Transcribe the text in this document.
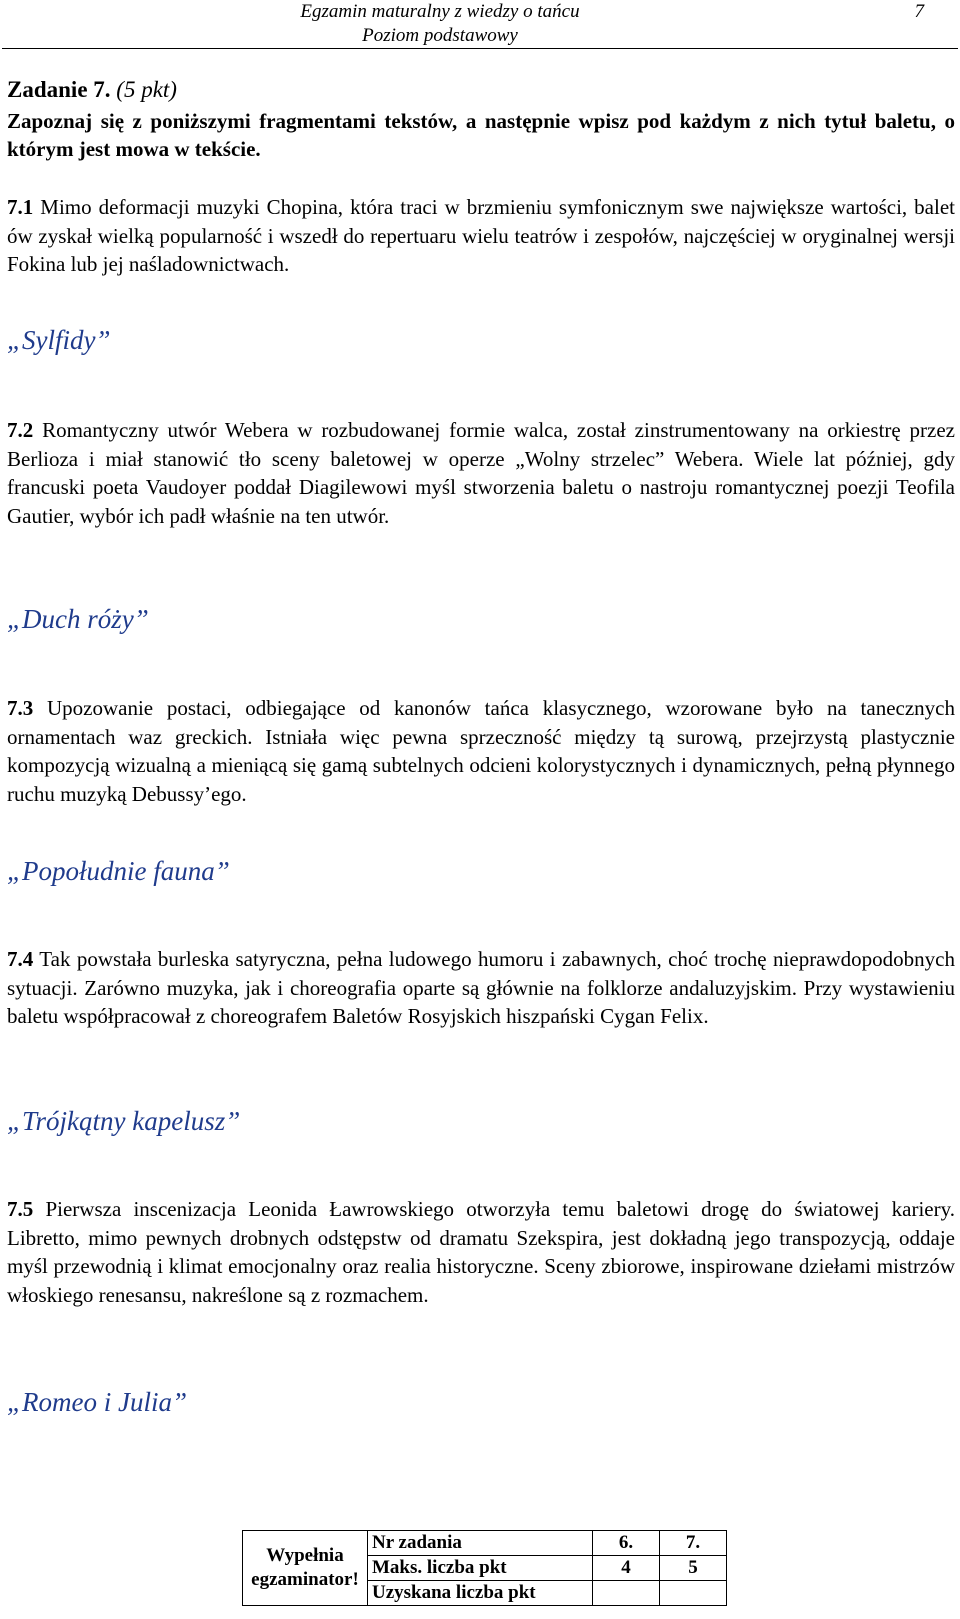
Egzamin maturalny z wiedzy o tańcu
Poziom podstawowy
7
Zadanie 7. (5 pkt)
Zapoznaj się z poniższymi fragmentami tekstów, a następnie wpisz pod każdym z nich tytuł baletu, o którym jest mowa w tekście.
7.1 Mimo deformacji muzyki Chopina, która traci w brzmieniu symfonicznym swe największe wartości, balet ów zyskał wielką popularność i wszedł do repertuaru wielu teatrów i zespołów, najczęściej w oryginalnej wersji Fokina lub jej naśladownictwach.
„Sylfidy”
7.2 Romantyczny utwór Webera w rozbudowanej formie walca, został zinstrumentowany na orkiestrę przez Berlioza i miał stanowić tło sceny baletowej w operze „Wolny strzelec” Webera. Wiele lat później, gdy francuski poeta Vaudoyer poddał Diagilewowi myśl stworzenia baletu o nastroju romantycznej poezji Teofila Gautier, wybór ich padł właśnie na ten utwór.
„Duch róży”
7.3 Upozowanie postaci, odbiegające od kanonów tańca klasycznego, wzorowane było na tanecznych ornamentach waz greckich. Istniała więc pewna sprzeczność między tą surową, przejrzystą plastycznie kompozycją wizualną a mieniącą się gamą subtelnych odcieni kolorystycznych i dynamicznych, pełną płynnego ruchu muzyką Debussy’ego.
„Popołudnie fauna”
7.4 Tak powstała burleska satyryczna, pełna ludowego humoru i zabawnych, choć trochę nieprawdopodobnych sytuacji. Zarówno muzyka, jak i choreografia oparte są głównie na folklorze andaluzyjskim. Przy wystawieniu baletu współpracował z choreografem Baletów Rosyjskich hiszpański Cygan Felix.
„Trójkątny kapelusz”
7.5 Pierwsza inscenizacja Leonida Ławrowskiego otworzyła temu baletowi drogę do światowej kariery. Libretto, mimo pewnych drobnych odstępstw od dramatu Szekspira, jest dokładną jego transpozycją, oddaje myśl przewodnią i klimat emocjonalny oraz realia historyczne. Sceny zbiorowe, inspirowane dziełami mistrzów włoskiego renesansu, nakreślone są z rozmachem.
„Romeo i Julia”
Wypełnia egzaminator!	Nr zadania	6.	7.
	Maks. liczba pkt	4	5
	Uzyskana liczba pkt		
